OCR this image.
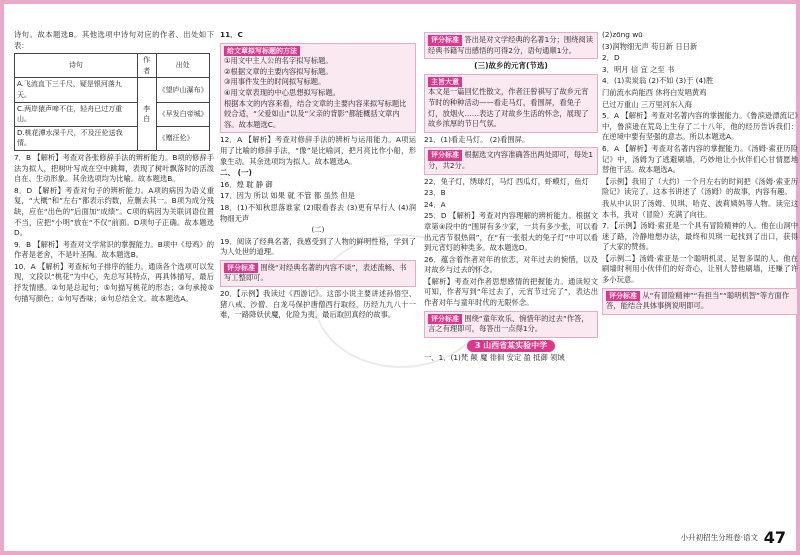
诗句。故本题选B。其他选项中诗句对应的作者、出处如下表：

诗句	作者	出处
A.飞流直下三千尺，疑是银河落九天。	李白	《望庐山瀑布》
C.两岸猿声啼不住，轻舟已过万重山。		《早发白帝城》
D.桃花潭水深千尺，不及汪伦送我情。		《赠汪伦》

7．B 【解析】考查对各张修辞手法的辨析能力。B项的修辞手法为拟人，把树叶写成在空中跳舞，表现了树叶飘落时的活泼自在、生动形象。其余选项均为比喻。故本题选B。

8．D 【解析】考查对句子的辨析能力。A项的病因为语义重复，“大概”和“左右”都表示约数，应删去其一。B项为成分残缺，应在“出色的”后面加“成绩”。C项的病因为关联词语位置不当，应把“小明”放在“不仅”前面。D项句子正确。故本题选D。

9．B 【解析】考查对文学常识的掌握能力。B项中《母鸡》的作者是老舍，不是叶圣陶。故本题选B。

10．A 【解析】考查标句子排序的能力。通读各个选项可以发现，文段以“桃花”为中心，先总写其特点，再具体描写，最后抒发情感。②句是总起句；⑤句描写桃花的形态；③句承接⑤句描写颜色；①句写香味；④句总结全文。故本题选A。

11．C

给文章拟写标题的方法
①用文中主人公的名字拟写标题。
②根据文章的主要内容拟写标题。
③用事件发生的时间拟写标题。
④用文章表现的中心思想拟写标题。
根据本文的内容来看，结合文章的主要内容来拟写标题比较合适，“父爱如山”以及“父亲的背影”都能概括文章内容。故本题选C。

12．A 【解析】考查对修辞手法的辨析与运用能力。A项运用了比喻的修辞手法，“像”是比喻词，把月亮比作小船，形象生动。其余选项均为拟人。故本题选A。

二、 (一)

16．煌 耽 静 御

17．因为 所以 如果 就 不管 都 虽然 但是

18．(1)不知秋思落谁家 (2)眼看春去 (3)更有早行人 (4)润物细无声

(二)

19．阅读了经典名著，我感受到了人物的鲜明性格，学到了为人处世的道理。

评分标准 围绕“对经典名著的内容不谈”，表述流畅、书写工整即可。

20．【示例】我读过《西游记》。这部小说主要讲述孙悟空、猪八戒、沙僧、白龙马保护唐僧西行取经，历经九九八十一难，一路降妖伏魔，化险为夷，最后取回真经的故事。

评分标准 答出是对文学经典的名著1分；围绕阅读经典书籍写出感悟的可得2分，语句通顺1分。

(三)故乡的元宵(节选)

主旨大意
本文是一篇回忆性散文，作者汪曾祺写了故乡元宵节时的种种活动——看走马灯，看围屏，看兔子灯，放烟火……表达了对故乡生活的怀念，展现了故乡浓厚的节日气氛。

21．(1)看走马灯。 (2)看围屏。

评分标准 根据选文内容准确答出两处即可，每处1分，共2分。

22．兔子灯，绣球灯，马灯 西瓜灯，虾蟆灯，鱼灯

23．B

24．A

25．D 【解析】考查对内容理解的辨析能力。根据文章第④段中的“围屏有多少家，一共有多少张，可以看出元宵节很热闹”，在“有一张很大的兔子灯”中可以看到元宵灯的种类多。故本题选D。

26．蕴含着作者对年的依恋，对年过去的惋惜，以及对故乡与过去的怀念。

【解析】考查对作者思想感情的把握能力。通读短文可知，作者写到“年过去了，元宵节过完了”，表达出作者对年与童年时代的无限怀念。

评分标准 围绕“童年欢乐、惋惜年的过去”作答，言之有理即可，每答出一点得1分。

3 山西省某实验中学

一、1．(1)梵 颠 魔 徘徊 安定 盈 抵御 领域

(2)zōng wū

(3)润物细无声 苟日新 日日新

2．D

3．明月 信 宜 之至 书

4．(1)卖炭翁 (2)不如 (3)于 (4)胜

门前流水尚能西 休将白发唱黄鸡

已过万重山 三万里河东入海

5．A 【解析】考查对名著内容的掌握能力。《鲁滨逊漂流记》中，鲁滨逊在荒岛上生存了二十八年，他的经历告诉我们：在逆境中要有坚强的意志。所以本题选A。

6．A 【解析】考查对名著内容的掌握能力。《汤姆·索亚历险记》中，汤姆为了逃避刷墙，巧妙地让小伙伴们心甘情愿地替他干活。故本题选A。

【示例】我用了（大约）一个月左右的时间把《汤姆·索亚历险记》读完了。这本书讲述了（汤姆）的故事，内容有趣。

我从中认识了汤姆、贝琪、哈克、波莉姨妈等人物。读完这本书，我对（冒险）充满了向往。

7．【示例】汤姆·索亚是一个具有冒险精神的人。他在山洞中迷了路，冷静地想办法，最终和贝琪一起找到了出口，获得了大家的赞扬。

【示例二】汤姆·索亚是一个聪明机灵、足智多谋的人。他在刷墙时利用小伙伴们的好奇心，让别人替他刷墙，还赚了许多小玩意。

评分标准 从“有冒险精神”“有担当”“聪明机智”等方面作答，能结合具体事例说明即可。
小升初招生分班卷·语文 47
